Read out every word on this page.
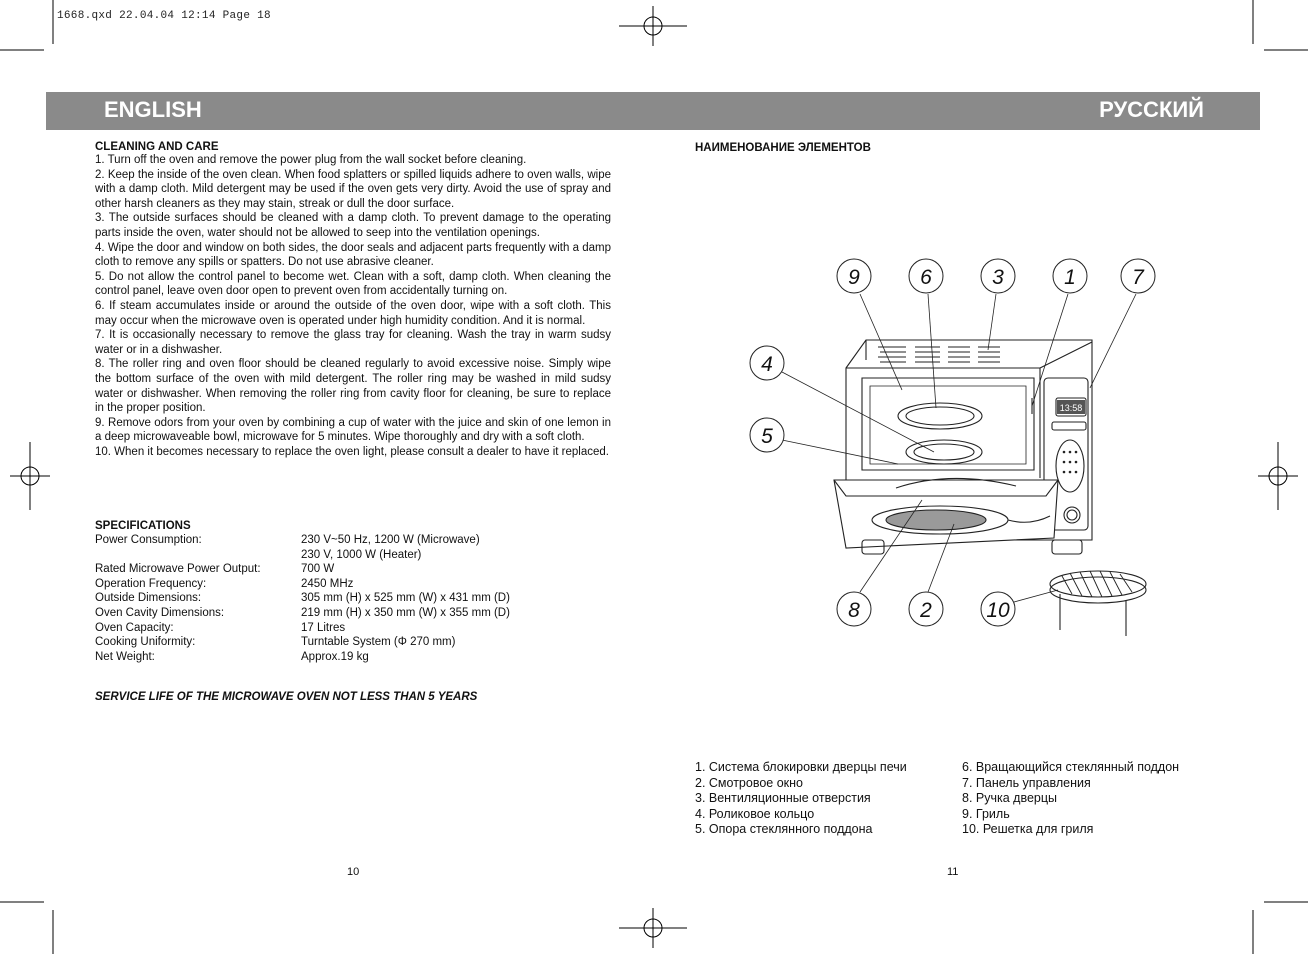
1668.qxd 22.04.04 12:14 Page 18
ENGLISH	РУССКИЙ
CLEANING AND CARE
1. Turn off the oven and remove the power plug from the wall socket before cleaning.
2. Keep the inside of the oven clean. When food splatters or spilled liquids adhere to oven walls, wipe with a damp cloth. Mild detergent may be used if the oven gets very dirty. Avoid the use of spray and other harsh cleaners as they may stain, streak or dull the door surface.
3. The outside surfaces should be cleaned with a damp cloth. To prevent damage to the operating parts inside the oven, water should not be allowed to seep into the ventilation openings.
4. Wipe the door and window on both sides, the door seals and adjacent parts frequently with a damp cloth to remove any spills or spatters. Do not use abrasive cleaner.
5. Do not allow the control panel to become wet. Clean with a soft, damp cloth. When cleaning the control panel, leave oven door open to prevent oven from accidentally turning on.
6. If steam accumulates inside or around the outside of the oven door, wipe with a soft cloth. This may occur when the microwave oven is operated under high humidity condition. And it is normal.
7. It is occasionally necessary to remove the glass tray for cleaning. Wash the tray in warm sudsy water or in a dishwasher.
8. The roller ring and oven floor should be cleaned regularly to avoid excessive noise. Simply wipe the bottom surface of the oven with mild detergent. The roller ring may be washed in mild sudsy water or dishwasher. When removing the roller ring from cavity floor for cleaning, be sure to replace in the proper position.
9. Remove odors from your oven by combining a cup of water with the juice and skin of one lemon in a deep microwaveable bowl, microwave for 5 minutes. Wipe thoroughly and dry with a soft cloth.
10. When it becomes necessary to replace the oven light, please consult a dealer to have it replaced.
SPECIFICATIONS
Power Consumption:	230 V~50 Hz, 1200 W (Microwave)
230 V, 1000 W (Heater)
Rated Microwave Power Output:	700 W
Operation Frequency:	2450 MHz
Outside Dimensions:	305 mm (H) x 525 mm (W) x 431 mm (D)
Oven Cavity Dimensions:	219 mm (H) x 350 mm (W) x 355 mm (D)
Oven Capacity:	17 Litres
Cooking Uniformity:	Turntable System (Φ 270 mm)
Net Weight:	Approx.19 kg
SERVICE LIFE OF THE MICROWAVE OVEN NOT LESS THAN 5 YEARS
10
НАИМЕНОВАНИЕ ЭЛЕМЕНТОВ
13:58
9	6	3	1	7
4
5
8	2	10
1. Система блокировки дверцы печи
2. Смотровое окно
3. Вентиляционные отверстия
4. Роликовое кольцо
5. Опора стеклянного поддона
6. Вращающийся стеклянный поддон
7. Панель управления
8. Ручка дверцы
9. Гриль
10. Решетка для гриля
11
